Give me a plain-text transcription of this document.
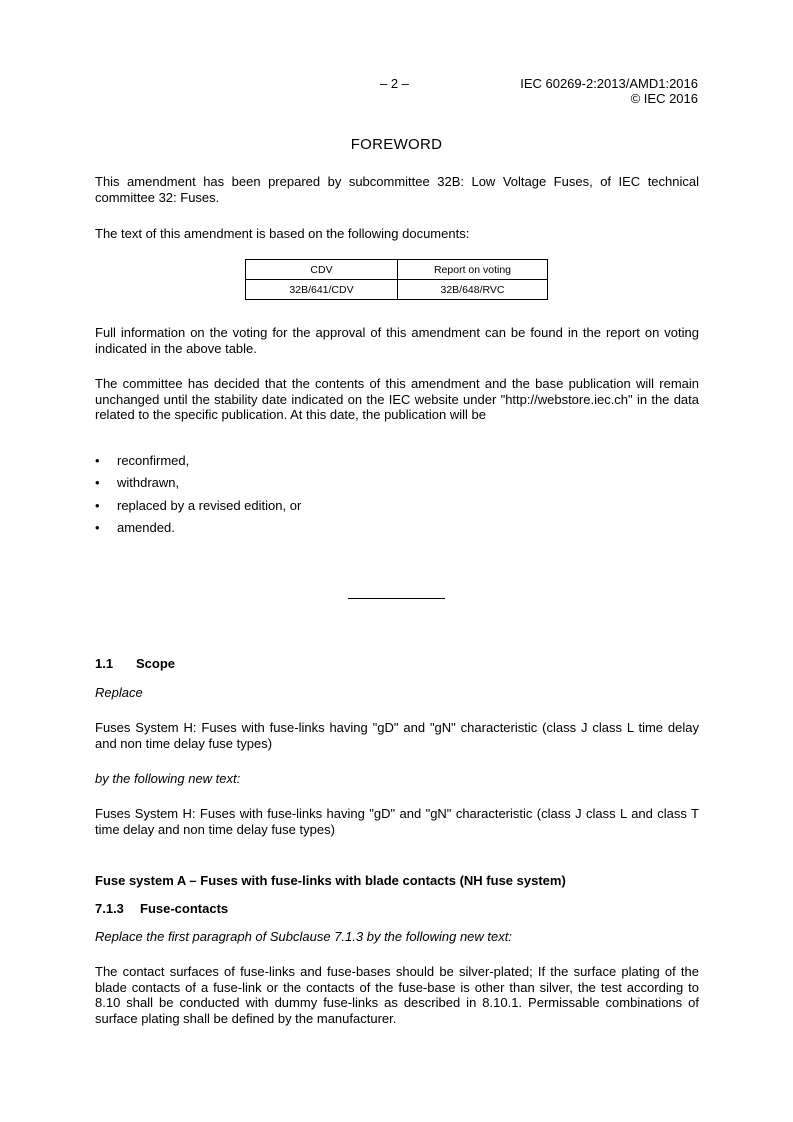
– 2 –	IEC 60269-2:2013/AMD1:2016
© IEC 2016
FOREWORD
This amendment has been prepared by subcommittee 32B: Low Voltage Fuses, of IEC technical committee 32: Fuses.
The text of this amendment is based on the following documents:
CDV	Report on voting
32B/641/CDV	32B/648/RVC
Full information on the voting for the approval of this amendment can be found in the report on voting indicated in the above table.
The committee has decided that the contents of this amendment and the base publication will remain unchanged until the stability date indicated on the IEC website under "http://webstore.iec.ch" in the data related to the specific publication. At this date, the publication will be
• reconfirmed,
• withdrawn,
• replaced by a revised edition, or
• amended.
1.1 Scope
Replace
Fuses System H: Fuses with fuse-links having "gD" and "gN" characteristic (class J class L time delay and non time delay fuse types)
by the following new text:
Fuses System H: Fuses with fuse-links having "gD" and "gN" characteristic (class J class L and class T time delay and non time delay fuse types)
Fuse system A – Fuses with fuse-links with blade contacts (NH fuse system)
7.1.3 Fuse-contacts
Replace the first paragraph of Subclause 7.1.3 by the following new text:
The contact surfaces of fuse-links and fuse-bases should be silver-plated; If the surface plating of the blade contacts of a fuse-link or the contacts of the fuse-base is other than silver, the test according to 8.10 shall be conducted with dummy fuse-links as described in 8.10.1. Permissable combinations of surface plating shall be defined by the manufacturer.
